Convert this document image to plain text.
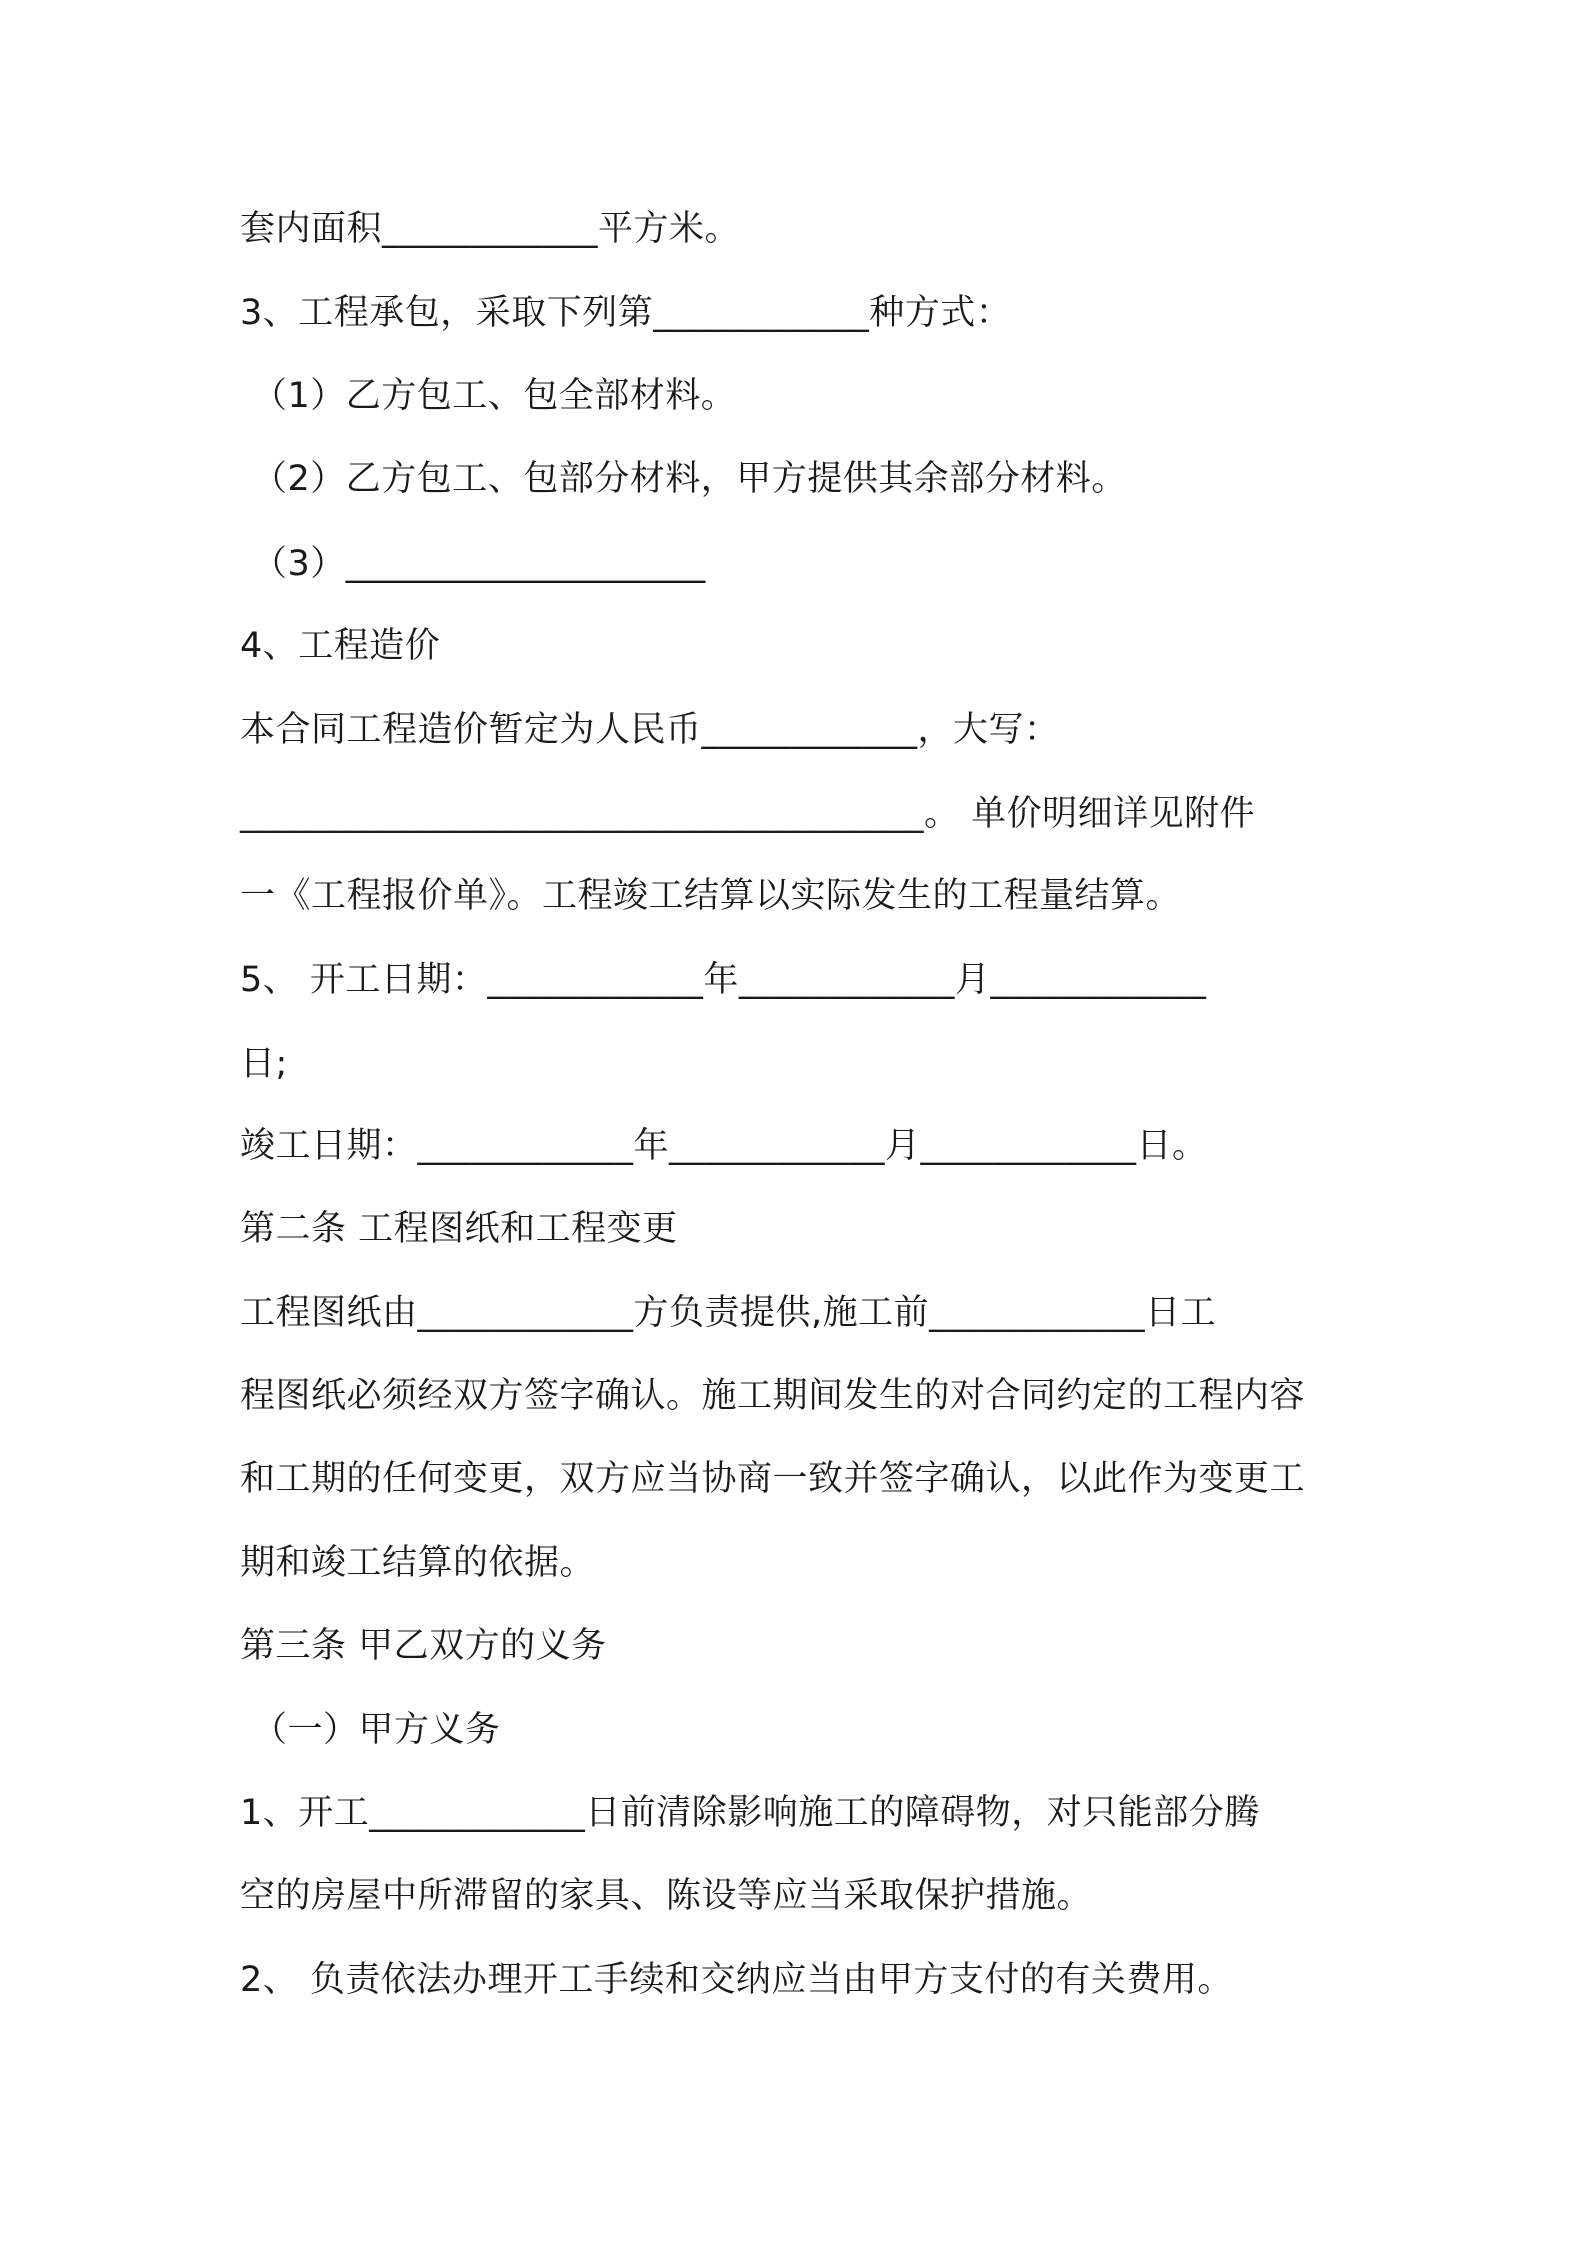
套内面积____________平方米。
3、工程承包，采取下列第____________种方式：
（1）乙方包工、包全部材料。
（2）乙方包工、包部分材料，甲方提供其余部分材料。
（3）____________________
4、工程造价
本合同工程造价暂定为人民币____________，大写：
______________________________________。 单价明细详见附件
一《工程报价单》。工程竣工结算以实际发生的工程量结算。
5、 开工日期：____________年____________月____________
日;
竣工日期：____________年____________月____________日。
第二条 工程图纸和工程变更
工程图纸由____________方负责提供,施工前____________日工
程图纸必须经双方签字确认。施工期间发生的对合同约定的工程内容
和工期的任何变更，双方应当协商一致并签字确认，以此作为变更工
期和竣工结算的依据。
第三条 甲乙双方的义务
（一）甲方义务
1、开工____________日前清除影响施工的障碍物，对只能部分腾
空的房屋中所滞留的家具、陈设等应当采取保护措施。
2、 负责依法办理开工手续和交纳应当由甲方支付的有关费用。
